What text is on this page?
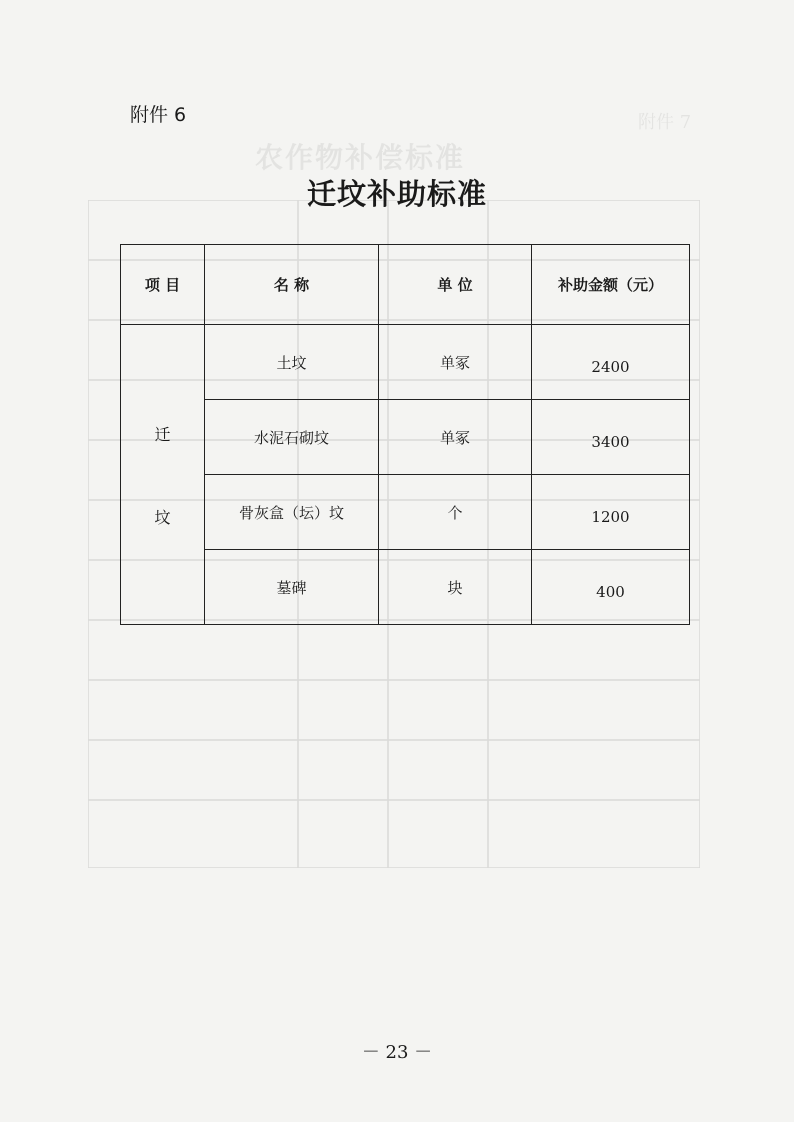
附件 7
农作物补偿标准
附件 6
迁坟补助标准
项 目	名 称	单 位	补助金额（元）

迁
坟	土坟	单冢	2400
	水泥石砌坟	单冢	3400
	骨灰盒（坛）坟	个	1200
	墓碑	块	400
－ 23 －
